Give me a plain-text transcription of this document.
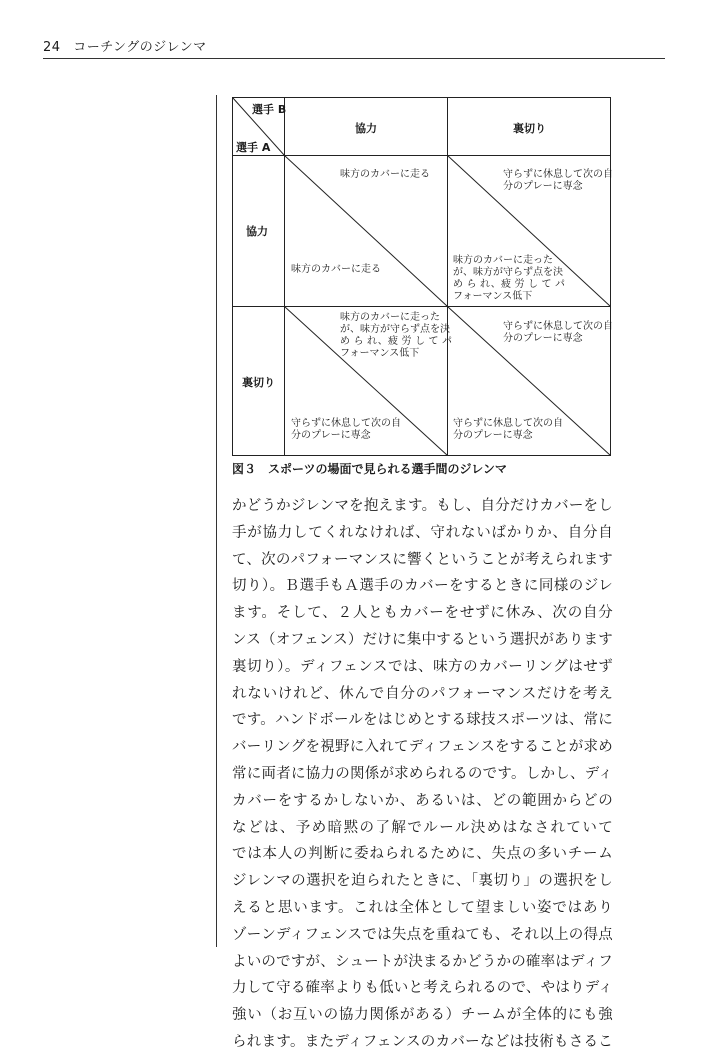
24 コーチングのジレンマ
選手 B
選手 A
協力	裏切り
協力
裏切り
味方のカバーに走る
味方のカバーに走る
守らずに休息して次の自
分のプレーに専念
味方のカバーに走った
が、味方が守らず点を決
め ら れ、疲 労 し て パ
フォーマンス低下
味方のカバーに走った
が、味方が守らず点を決
め ら れ、疲 労 し て パ
フォーマンス低下
守らずに休息して次の自
分のプレーに専念
守らずに休息して次の自
分のプレーに専念
守らずに休息して次の自
分のプレーに専念
図３　スポーツの場面で見られる選手間のジレンマ
かどうかジレンマを抱えます。もし、自分だけカバーをし
手が協力してくれなければ、守れないばかりか、自分自
て、次のパフォーマンスに響くということが考えられます
切り）。Ｂ選手もＡ選手のカバーをするときに同様のジレ
ます。そして、２人ともカバーをせずに休み、次の自分
ンス（オフェンス）だけに集中するという選択があります
裏切り）。ディフェンスでは、味方のカバーリングはせず
れないけれど、休んで自分のパフォーマンスだけを考え
です。ハンドボールをはじめとする球技スポーツは、常に
バーリングを視野に入れてディフェンスをすることが求め
常に両者に協力の関係が求められるのです。しかし、ディ
カバーをするかしないか、あるいは、どの範囲からどの
などは、予め暗黙の了解でルール決めはなされていて
では本人の判断に委ねられるために、失点の多いチーム
ジレンマの選択を迫られたときに、「裏切り」の選択をし
えると思います。これは全体として望ましい姿ではあり
ゾーンディフェンスでは失点を重ねても、それ以上の得点
よいのですが、シュートが決まるかどうかの確率はディフ
力して守る確率よりも低いと考えられるので、やはりディ
強い（お互いの協力関係がある）チームが全体的にも強
られます。またディフェンスのカバーなどは技術もさるこ
